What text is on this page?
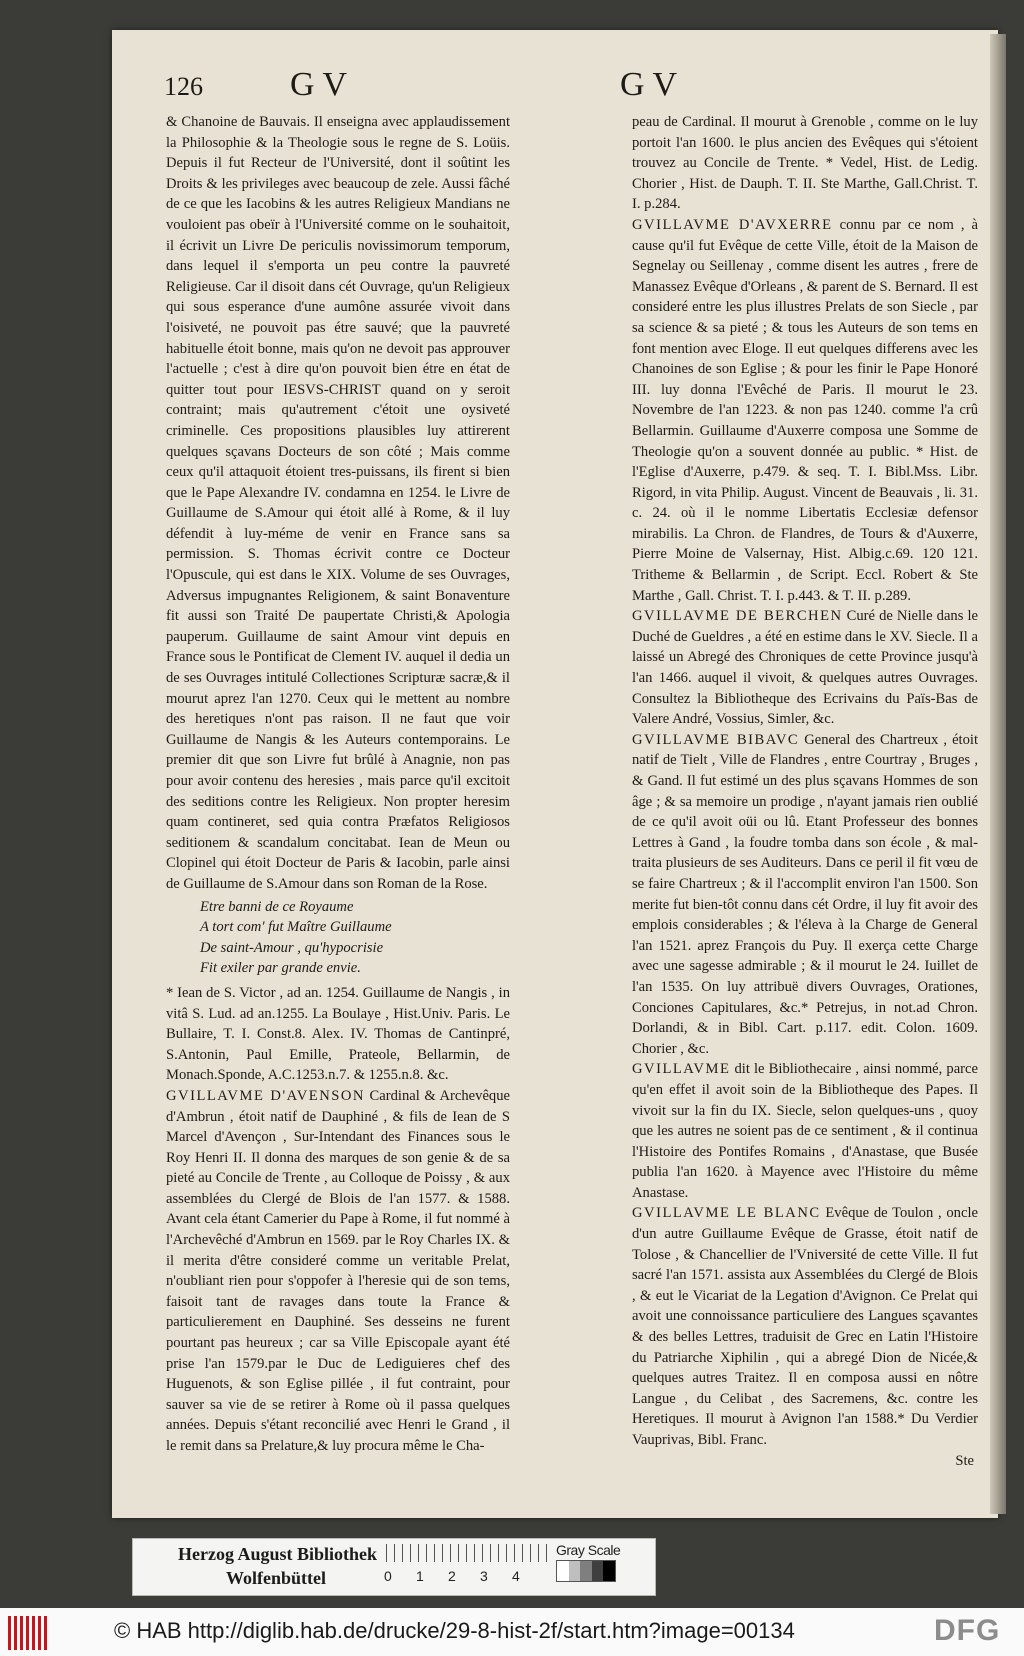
126	GV	GV

& Chanoine de Bauvais. Il enseigna avec applaudissement la Philosophie & la Theologie sous le regne de S. Loüis. Depuis il fut Recteur de l'Université, dont il soûtint les Droits & les privileges avec beaucoup de zele. Aussi fâché de ce que les Iacobins & les autres Religieux Mandians ne vouloient pas obeïr à l'Université comme on le souhaitoit, il écrivit un Livre De periculis novissimorum temporum, dans lequel il s'emporta un peu contre la pauvreté Religieuse. Car il disoit dans cét Ouvrage, qu'un Religieux qui sous esperance d'une aumône assurée vivoit dans l'oisiveté, ne pouvoit pas étre sauvé; que la pauvreté habituelle étoit bonne, mais qu'on ne devoit pas approuver l'actuelle ; c'est à dire qu'on pouvoit bien étre en état de quitter tout pour IESVS-CHRIST quand on y seroit contraint; mais qu'autrement c'étoit une oysiveté criminelle. Ces propositions plausibles luy attirerent quelques sçavans Docteurs de son côté ; Mais comme ceux qu'il attaquoit étoient tres-puissans, ils firent si bien que le Pape Alexandre IV. condamna en 1254. le Livre de Guillaume de S.Amour qui étoit allé à Rome, & il luy défendit à luy-méme de venir en France sans sa permission. S. Thomas écrivit contre ce Docteur l'Opuscule, qui est dans le XIX. Volume de ses Ouvrages, Adversus impugnantes Religionem, & saint Bonaventure fit aussi son Traité De paupertate Christi,& Apologia pauperum. Guillaume de saint Amour vint depuis en France sous le Pontificat de Clement IV. auquel il dedia un de ses Ouvrages intitulé Collectiones Scripturæ sacræ,& il mourut aprez l'an 1270. Ceux qui le mettent au nombre des heretiques n'ont pas raison. Il ne faut que voir Guillaume de Nangis & les Auteurs contemporains. Le premier dit que son Livre fut brûlé à Anagnie, non pas pour avoir contenu des heresies , mais parce qu'il excitoit des seditions contre les Religieux. Non propter heresim quam contineret, sed quia contra Præfatos Religiosos seditionem & scandalum concitabat. Iean de Meun ou Clopinel qui étoit Docteur de Paris & Iacobin, parle ainsi de Guillaume de S.Amour dans son Roman de la Rose.

Etre banni de ce Royaume
A tort com' fut Maître Guillaume
De saint-Amour , qu'hypocrisie
Fit exiler par grande envie.

* Iean de S. Victor , ad an. 1254. Guillaume de Nangis , in vitâ S. Lud. ad an.1255. La Boulaye , Hist.Univ. Paris. Le Bullaire, T. I. Const.8. Alex. IV. Thomas de Cantinpré, S.Antonin, Paul Emille, Prateole, Bellarmin, de Monach.Sponde, A.C.1253.n.7. & 1255.n.8. &c.

GVILLAVME D'AVENSON Cardinal & Archevêque d'Ambrun , étoit natif de Dauphiné , & fils de Iean de S Marcel d'Avençon , Sur-Intendant des Finances sous le Roy Henri II. Il donna des marques de son genie & de sa pieté au Concile de Trente , au Colloque de Poissy , & aux assemblées du Clergé de Blois de l'an 1577. & 1588. Avant cela étant Camerier du Pape à Rome, il fut nommé à l'Archevêché d'Ambrun en 1569. par le Roy Charles IX. & il merita d'être consideré comme un veritable Prelat, n'oubliant rien pour s'oppofer à l'heresie qui de son tems, faisoit tant de ravages dans toute la France & particulierement en Dauphiné. Ses desseins ne furent pourtant pas heureux ; car sa Ville Episcopale ayant été prise l'an 1579.par le Duc de Lediguieres chef des Huguenots, & son Eglise pillée , il fut contraint, pour sauver sa vie de se retirer à Rome où il passa quelques années. Depuis s'étant reconcilié avec Henri le Grand , il le remit dans sa Prelature,& luy procura même le Cha-

peau de Cardinal. Il mourut à Grenoble , comme on le luy portoit l'an 1600. le plus ancien des Evêques qui s'étoient trouvez au Concile de Trente. * Vedel, Hist. de Ledig. Chorier , Hist. de Dauph. T. II. Ste Marthe, Gall.Christ. T. I. p.284.

GVILLAVME D'AVXERRE connu par ce nom , à cause qu'il fut Evêque de cette Ville, étoit de la Maison de Segnelay ou Seillenay , comme disent les autres , frere de Manassez Evêque d'Orleans , & parent de S. Bernard. Il est consideré entre les plus illustres Prelats de son Siecle , par sa science & sa pieté ; & tous les Auteurs de son tems en font mention avec Eloge. Il eut quelques differens avec les Chanoines de son Eglise ; & pour les finir le Pape Honoré III. luy donna l'Evêché de Paris. Il mourut le 23. Novembre de l'an 1223. & non pas 1240. comme l'a crû Bellarmin. Guillaume d'Auxerre composa une Somme de Theologie qu'on a souvent donnée au public. * Hist. de l'Eglise d'Auxerre, p.479. & seq. T. I. Bibl.Mss. Libr. Rigord, in vita Philip. August. Vincent de Beauvais , li. 31. c. 24. où il le nomme Libertatis Ecclesiæ defensor mirabilis. La Chron. de Flandres, de Tours & d'Auxerre, Pierre Moine de Valsernay, Hist. Albig.c.69. 120 121. Tritheme & Bellarmin , de Script. Eccl. Robert & Ste Marthe , Gall. Christ. T. I. p.443. & T. II. p.289.

GVILLAVME DE BERCHEN Curé de Nielle dans le Duché de Gueldres , a été en estime dans le XV. Siecle. Il a laissé un Abregé des Chroniques de cette Province jusqu'à l'an 1466. auquel il vivoit, & quelques autres Ouvrages. Consultez la Bibliotheque des Ecrivains du Païs-Bas de Valere André, Vossius, Simler, &c.

GVILLAVME BIBAVC General des Chartreux , étoit natif de Tielt , Ville de Flandres , entre Courtray , Bruges , & Gand. Il fut estimé un des plus sçavans Hommes de son âge ; & sa memoire un prodige , n'ayant jamais rien oublié de ce qu'il avoit oüi ou lû. Etant Professeur des bonnes Lettres à Gand , la foudre tomba dans son école , & mal-traita plusieurs de ses Auditeurs. Dans ce peril il fit vœu de se faire Chartreux ; & il l'accomplit environ l'an 1500. Son merite fut bien-tôt connu dans cét Ordre, il luy fit avoir des emplois considerables ; & l'éleva à la Charge de General l'an 1521. aprez François du Puy. Il exerça cette Charge avec une sagesse admirable ; & il mourut le 24. Iuillet de l'an 1535. On luy attribuë divers Ouvrages, Orationes, Conciones Capitulares, &c.* Petrejus, in not.ad Chron. Dorlandi, & in Bibl. Cart. p.117. edit. Colon. 1609. Chorier , &c.

GVILLAVME dit le Bibliothecaire , ainsi nommé, parce qu'en effet il avoit soin de la Bibliotheque des Papes. Il vivoit sur la fin du IX. Siecle, selon quelques-uns , quoy que les autres ne soient pas de ce sentiment , & il continua l'Histoire des Pontifes Romains , d'Anastase, que Busée publia l'an 1620. à Mayence avec l'Histoire du même Anastase.

GVILLAVME LE BLANC Evêque de Toulon , oncle d'un autre Guillaume Evêque de Grasse, étoit natif de Tolose , & Chancellier de l'Vniversité de cette Ville. Il fut sacré l'an 1571. assista aux Assemblées du Clergé de Blois , & eut le Vicariat de la Legation d'Avignon. Ce Prelat qui avoit une connoissance particuliere des Langues sçavantes & des belles Lettres, traduisit de Grec en Latin l'Histoire du Patriarche Xiphilin , qui a abregé Dion de Nicée,& quelques autres Traitez. Il en composa aussi en nôtre Langue , du Celibat , des Sacremens, &c. contre les Heretiques. Il mourut à Avignon l'an 1588.* Du Verdier Vauprivas, Bibl. Franc.

Ste
Herzog August Bibliothek
Wolfenbüttel	0 1 2 3 4
Gray Scale
© HAB http://diglib.hab.de/drucke/29-8-hist-2f/start.htm?image=00134	DFG
